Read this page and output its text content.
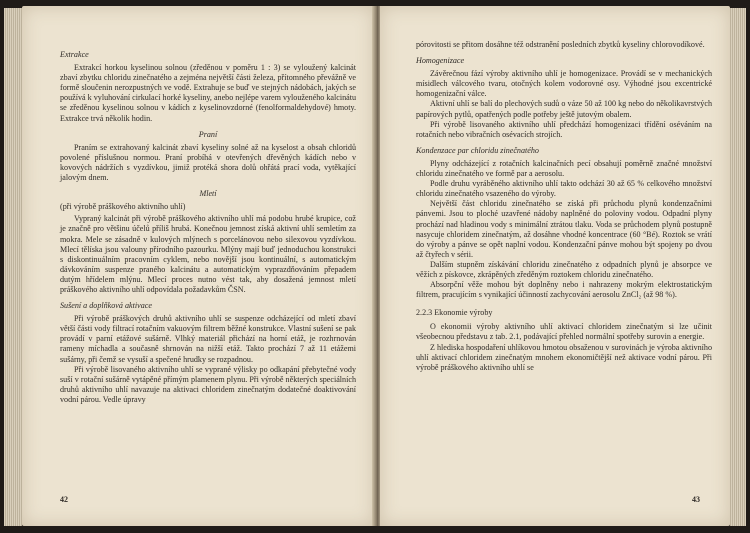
Extrakce

Extrakcí horkou kyselinou solnou (zředěnou v poměru 1 : 3) se vyloužený kalcinát zbaví zbytku chloridu zinečnatého a zejména největší části železa, přítomného převážně ve formě sloučenin nerozpustných ve vodě. Extrahuje se buď ve stejných nádobách, jakých se používá k vyluhování cirkulací horké kyseliny, anebo nejlépe varem vylouženého kalcinátu se zředěnou kyselinou solnou v kádích z kyselinovzdorné (fenolformaldehydové) hmoty. Extrakce trvá několik hodin.

Praní

Praním se extrahovaný kalcinát zbaví kyseliny solné až na kyselost a obsah chloridů povolené příslušnou normou. Praní probíhá v otevřených dřevěných kádích nebo v kovových nádržích s vyzdívkou, jimiž protéká shora dolů ohřátá prací voda, vytěkající jalovým dnem.

Mletí

(při výrobě práškového aktivního uhlí)

Vypraný kalcinát při výrobě práškového aktivního uhlí má podobu hrubé krupice, což je značně pro většinu účelů příliš hrubá. Konečnou jemnost získá aktivní uhlí semletím za mokra. Mele se zásadně v kulových mlýnech s porcelánovou nebo silexovou vyzdívkou. Mlecí tělíska jsou valouny přírodního pazourku. Mlýny mají buď jednoduchou konstrukci s diskontinuálním pracovním cyklem, nebo novější jsou kontinuální, s automatickým dávkováním suspenze praného kalcinátu a automatickým vyprazdňováním přepadem dutým hřídelem mlýnu. Mlecí proces nutno vést tak, aby dosažená jemnost mletí práškového aktivního uhlí odpovídala požadavkům ČSN.

Sušení a doplňková aktivace

Při výrobě práškových druhů aktivního uhlí se suspenze odcházející od mletí zbaví větší části vody filtrací rotačním vakuovým filtrem běžné konstrukce. Vlastní sušení se pak provádí v parní etážové sušárně. Vlhký materiál přichází na horní etáž, je rozhrnován rameny míchadla a současně shrnován na nižší etáž. Takto prochází 7 až 11 etážemi sušárny, při čemž se vysuší a spečené hrudky se rozpadnou.

Při výrobě lisovaného aktivního uhlí se vyprané výlisky po odkapání přebytečné vody suší v rotační sušárně vytápěné přímým plamenem plynu. Při výrobě některých speciálních druhů aktivního uhlí navazuje na aktivaci chloridem zinečnatým dodatečné doaktivování vodní párou. Vedle úpravy

42

pórovitosti se přitom dosáhne též odstranění posledních zbytků kyseliny chlorovodíkové.

Homogenizace

Závěrečnou fází výroby aktivního uhlí je homogenizace. Provádí se v mechanických mísidlech válcového tvaru, otočných kolem vodorovné osy. Výhodné jsou excentrické homogenizační válce.

Aktivní uhlí se balí do plechových sudů o váze 50 až 100 kg nebo do několikavrstvých papírových pytlů, opatřených podle potřeby ještě jutovým obalem.

Při výrobě lisovaného aktivního uhlí předchází homogenizaci třídění oséváním na rotačních nebo vibračních osévacích strojích.

Kondenzace par chloridu zinečnatého

Plyny odcházející z rotačních kalcinačních pecí obsahují poměrně značné množství chloridu zinečnatého ve formě par a aerosolu.

Podle druhu vyráběného aktivního uhlí takto odchází 30 až 65 % celkového množství chloridu zinečnatého vsazeného do výroby.

Největší část chloridu zinečnatého se získá při průchodu plynů kondenzačními pánvemi. Jsou to ploché uzavřené nádoby naplněné do poloviny vodou. Odpadní plyny prochází nad hladinou vody s minimální ztrátou tlaku. Voda se průchodem plynů postupně nasycuje chloridem zinečnatým, až dosáhne vhodné koncentrace (60 °Bé). Roztok se vrátí do výroby a pánve se opět naplní vodou. Kondenzační pánve mohou být spojeny po dvou až čtyřech v sérii.

Dalším stupněm získávání chloridu zinečnatého z odpadních plynů je absorpce ve věžích z pískovce, zkrápěných zředěným roztokem chloridu zinečnatého.

Absorpční věže mohou být doplněny nebo i nahrazeny mokrým elektrostatickým filtrem, pracujícím s vynikající účinností zachycování aerosolu ZnCl₂ (až 98 %).

2.2.3 Ekonomie výroby

O ekonomii výroby aktivního uhlí aktivací chloridem zinečnatým si lze učinit všeobecnou představu z tab. 2.1, podávající přehled normální spotřeby surovin a energie.

Z hlediska hospodaření uhlíkovou hmotou obsaženou v surovinách je výroba aktivního uhlí aktivací chloridem zinečnatým mnohem ekonomičtější než aktivace vodní párou. Při výrobě práškového aktivního uhlí se

43
